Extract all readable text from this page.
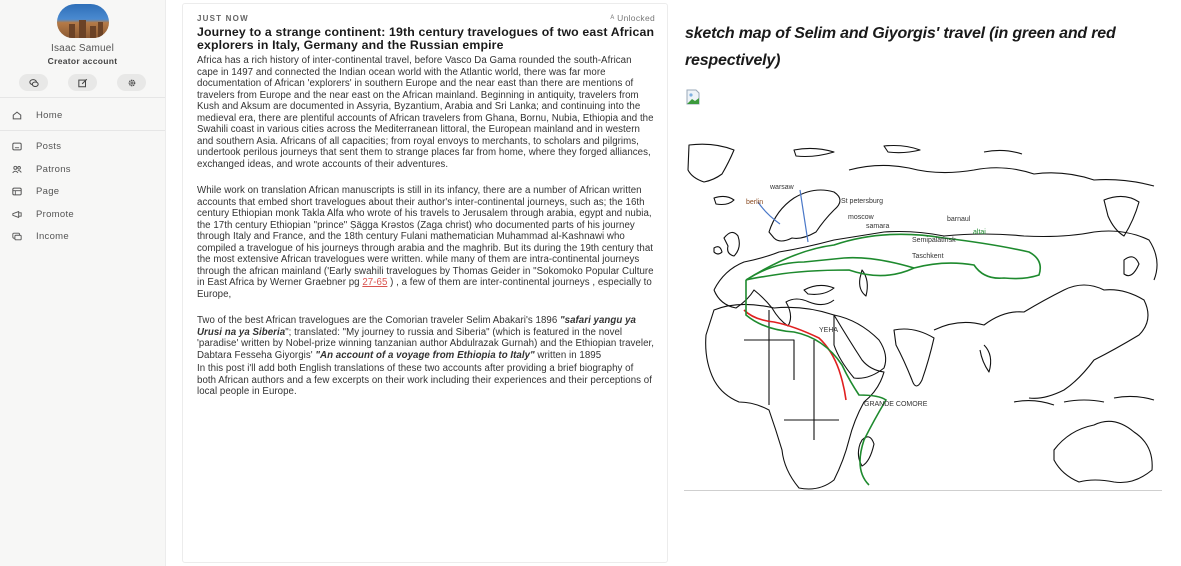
Isaac Samuel
Creator account
Home
Posts
Patrons
Page
Promote
Income
JUST NOW	ᴬ Unlocked
Journey to a strange continent: 19th century travelogues of two east African explorers in Italy, Germany and the Russian empire

Africa has a rich history of inter-continental travel, before Vasco Da Gama rounded the south-African cape in 1497 and connected the Indian ocean world with the Atlantic world, there was far more documentation of African 'explorers' in southern Europe and the near east than there are mentions of travelers from Europe and the near east on the African mainland. Beginning in antiquity, travelers from Kush and Aksum are documented in Assyria, Byzantium, Arabia and Sri Lanka; and continuing into the medieval era, there are plentiful accounts of African travelers from Ghana, Bornu, Nubia, Ethiopia and the Swahili coast in various cities across the Mediterranean littoral, the European mainland and in western and southern Asia. Africans of all capacities; from royal envoys to merchants, to scholars and pilgrims, undertook perilous journeys that sent them to strange places far from home, where they forged alliances, exchanged ideas, and wrote accounts of their adventures.

While work on translation African manuscripts is still in its infancy, there are a number of African written accounts that embed short travelogues about their author's inter-continental journeys, such as; the 16th century Ethiopian monk Takla Alfa who wrote of his travels to Jerusalem through arabia, egypt and nubia, the 17th century Ethiopian "prince" Ṣägga Krəstos (Zaga christ) who documented parts of his journey through Italy and France, and the 18th century Fulani mathematician Muhammad al-Kashnawi who compiled a travelogue of his journeys through arabia and the maghrib. But its during the 19th century that the most extensive African travelogues were written. while many of them are intra-continental journeys through the african mainland ('Early swahili travelogues by Thomas Geider in "Sokomoko Popular Culture in East Africa by Werner Graebner pg 27-65 ) , a few of them are inter-continental journeys , especially to Europe,

Two of the best African travelogues are the Comorian traveler Selim Abakari's 1896 "safari yangu ya Urusi na ya Siberia"; translated: "My journey to russia and Siberia" (which is featured in the novel 'paradise' written by Nobel-prize winning tanzanian author Abdulrazak Gurnah) and the Ethiopian traveler, Dabtara Fesseha Giyorgis' "An account of a voyage from Ethiopia to Italy" written in 1895

In this post i'll add both English translations of these two accounts after providing a brief biography of both African authors and a few excerpts on their work including their experiences and their perceptions of local people in Europe.

sketch map of Selim and Giyorgis' travel (in green and red respectively)
warsaw
berlin	St petersburg
moscow
samara
barnaul
altai
Semipalatinsk
Taschkent
YEHA
GRANDE COMORE
